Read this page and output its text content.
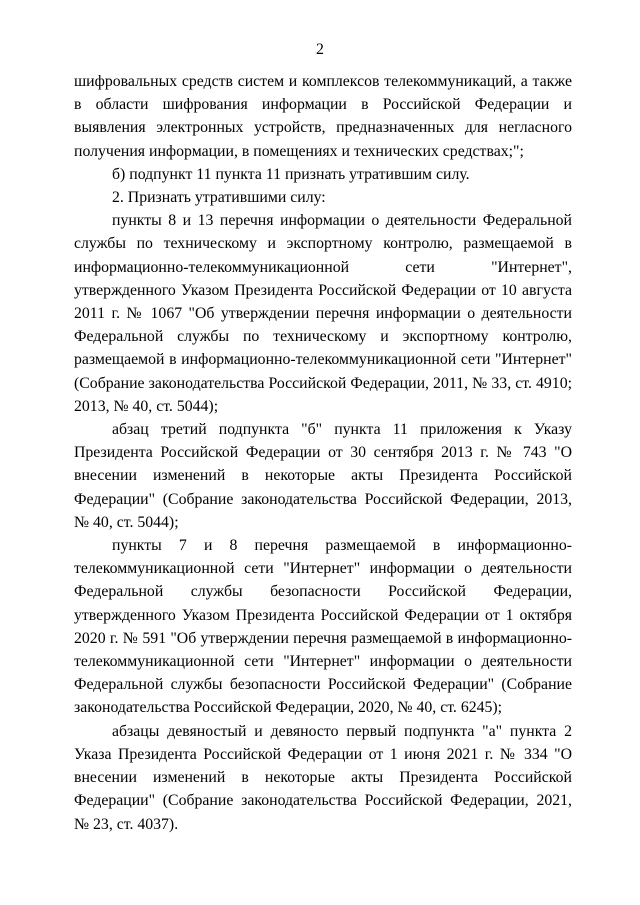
2

шифровальных средств систем и комплексов телекоммуникаций, а также в области шифрования информации в Российской Федерации и выявления электронных устройств, предназначенных для негласного получения информации, в помещениях и технических средствах;";

б) подпункт 11 пункта 11 признать утратившим силу.

2. Признать утратившими силу:

пункты 8 и 13 перечня информации о деятельности Федеральной службы по техническому и экспортному контролю, размещаемой в информационно-телекоммуникационной сети "Интернет", утвержденного Указом Президента Российской Федерации от 10 августа 2011 г. № 1067 "Об утверждении перечня информации о деятельности Федеральной службы по техническому и экспортному контролю, размещаемой в информационно-телекоммуникационной сети "Интернет" (Собрание законодательства Российской Федерации, 2011, № 33, ст. 4910; 2013, № 40, ст. 5044);

абзац третий подпункта "б" пункта 11 приложения к Указу Президента Российской Федерации от 30 сентября 2013 г. № 743 "О внесении изменений в некоторые акты Президента Российской Федерации" (Собрание законодательства Российской Федерации, 2013, № 40, ст. 5044);

пункты 7 и 8 перечня размещаемой в информационно-телекоммуникационной сети "Интернет" информации о деятельности Федеральной службы безопасности Российской Федерации, утвержденного Указом Президента Российской Федерации от 1 октября 2020 г. № 591 "Об утверждении перечня размещаемой в информационно-телекоммуникационной сети "Интернет" информации о деятельности Федеральной службы безопасности Российской Федерации" (Собрание законодательства Российской Федерации, 2020, № 40, ст. 6245);

абзацы девяностый и девяносто первый подпункта "а" пункта 2 Указа Президента Российской Федерации от 1 июня 2021 г. № 334 "О внесении изменений в некоторые акты Президента Российской Федерации" (Собрание законодательства Российской Федерации, 2021, № 23, ст. 4037).
